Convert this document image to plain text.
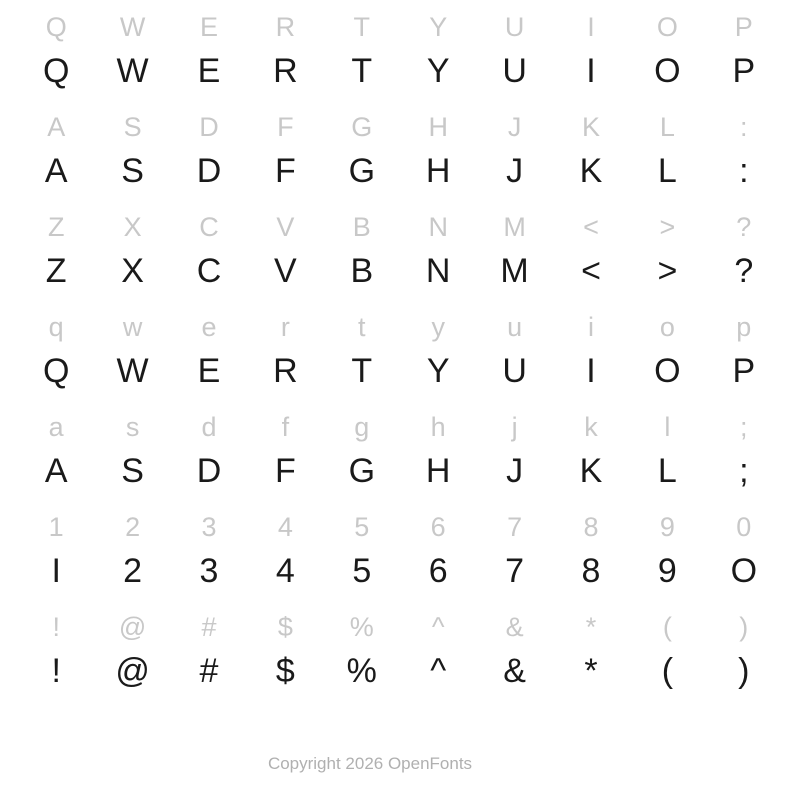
Q	W	E	R	T	Y	U	I	O	P
Q	W	E	R	T	Y	U	I	O	P
A	S	D	F	G	H	J	K	L	:
A	S	D	F	G	H	J	K	L	:
Z	X	C	V	B	N	M	<	>	?
Z	X	C	V	B	N	M	<	>	?
q	w	e	r	t	y	u	i	o	p
Q	W	E	R	T	Y	U	I	O	P
a	s	d	f	g	h	j	k	l	;
A	S	D	F	G	H	J	K	L	;
1	2	3	4	5	6	7	8	9	0
I	2	3	4	5	6	7	8	9	O
!	@	#	$	%	^	&	*	(	)
!	@	#	$	%	^	&	*	(	)
Copyright 2026 OpenFonts
